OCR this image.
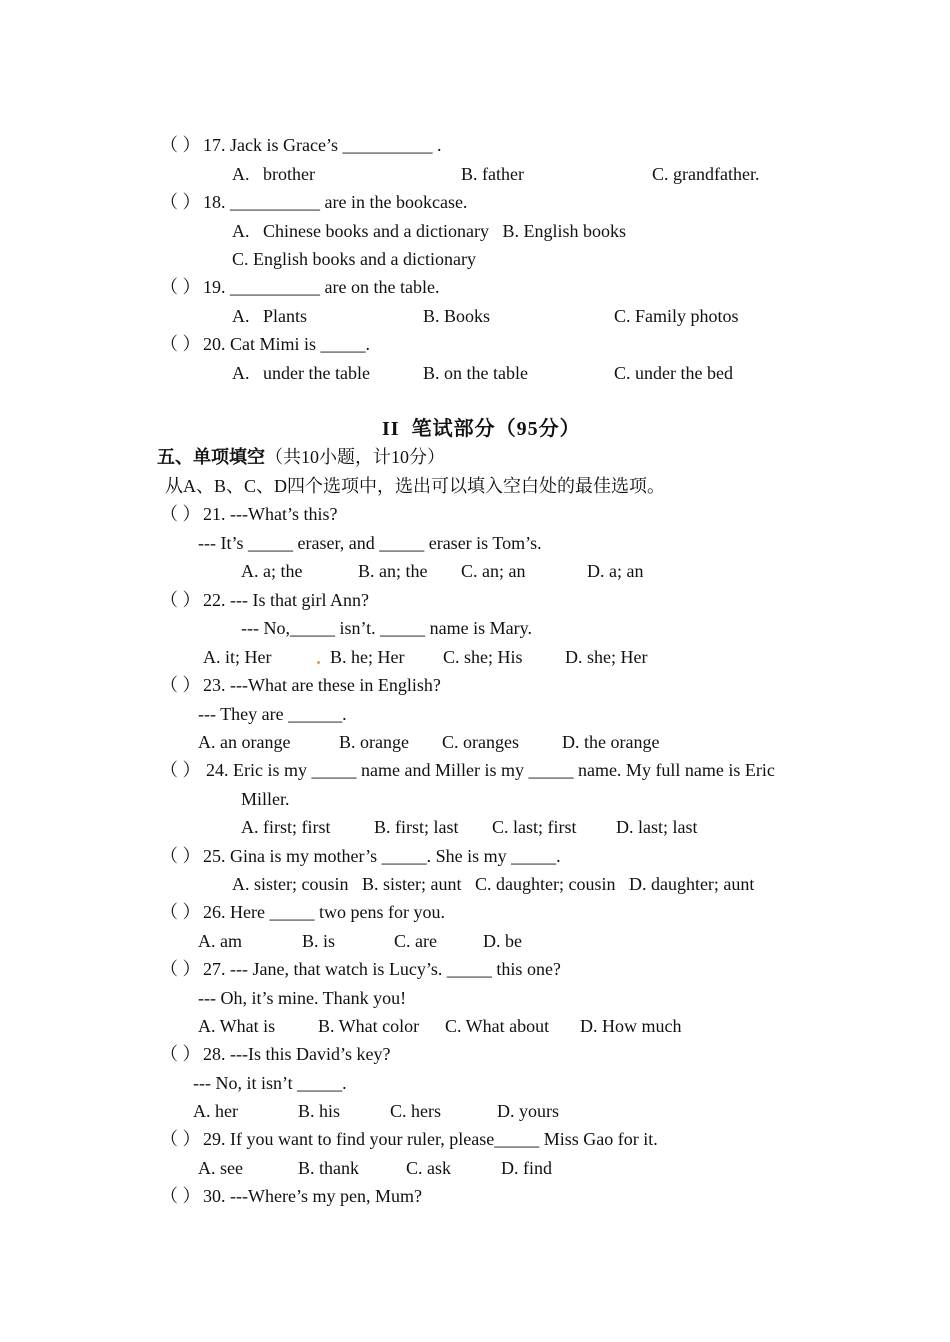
（ ） 17. Jack is Grace’s __________ .
A.   brother	B. father	C. grandfather.
（ ） 18. __________ are in the bookcase.
A.   Chinese books and a dictionary   B. English books
C. English books and a dictionary
（ ） 19. __________ are on the table.
A.   Plants	B. Books	C. Family photos
（ ） 20. Cat Mimi is _____.
A.   under the table	B. on the table	C. under the bed
II  笔试部分（95分）
五、单项填空（共10小题，计10分）
从A、B、C、D四个选项中，选出可以填入空白处的最佳选项。
（ ） 21. ---What’s this?
--- It’s _____ eraser, and _____ eraser is Tom’s.
A. a; the	B. an; the C. an; an	D. a; an
（ ） 22. --- Is that girl Ann?
--- No,_____ isn’t. _____ name is Mary.
A. it; Her	B. he; Her C. she; His D. she; Her
（ ） 23. ---What are these in English?
--- They are ______.
A. an orange	B. orange C. oranges D. the orange
（ ） 24. Eric is my _____ name and Miller is my _____ name. My full name is Eric
Miller.
A. first; first B. first; last C. last; first D. last; last
（ ） 25. Gina is my mother’s _____. She is my _____.
A. sister; cousin   B. sister; aunt   C. daughter; cousin   D. daughter; aunt
（ ） 26. Here _____ two pens for you.
A. am	B. is	C. are	D. be
（ ） 27. --- Jane, that watch is Lucy’s. _____ this one?
--- Oh, it’s mine. Thank you!
A. What is B. What color C. What about D. How much
（ ） 28. ---Is this David’s key?
--- No, it isn’t _____.
A. her	B. his	C. hers	D. yours
（ ） 29. If you want to find your ruler, please_____ Miss Gao for it.
A. see	B. thank	C. ask	D. find
（ ） 30. ---Where’s my pen, Mum?
